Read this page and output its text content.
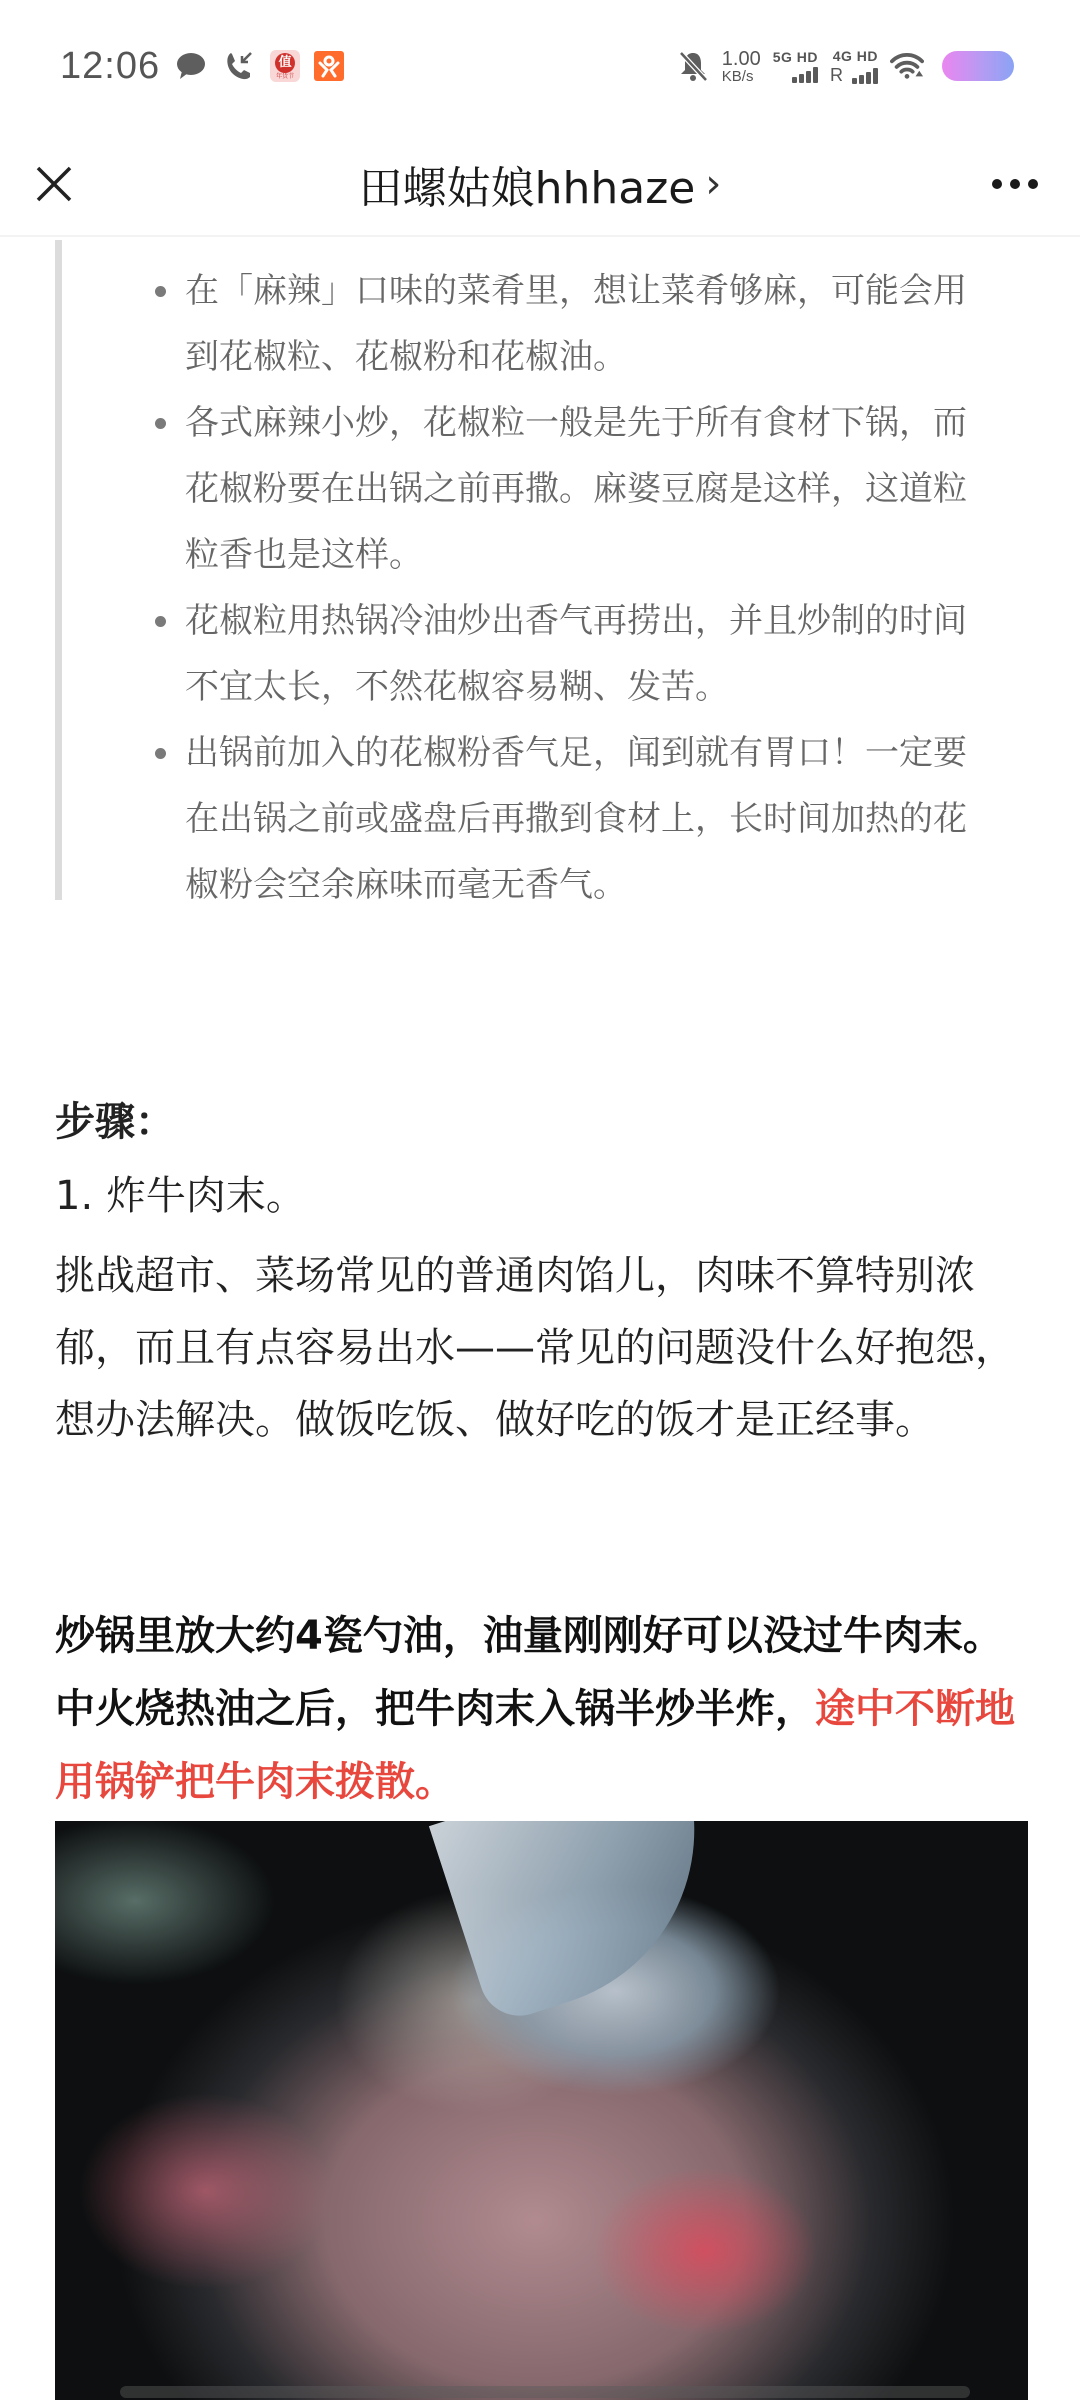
12:06	值
年货节
1.00
KB/s
5G HD 4G HD
R
田螺姑娘hhhaze ›
在「麻辣」口味的菜肴里，想让菜肴够麻，可能会用到花椒粒、花椒粉和花椒油。
各式麻辣小炒，花椒粒一般是先于所有食材下锅，而花椒粉要在出锅之前再撒。麻婆豆腐是这样，这道粒粒香也是这样。
花椒粒用热锅冷油炒出香气再捞出，并且炒制的时间不宜太长，不然花椒容易糊、发苦。
出锅前加入的花椒粉香气足，闻到就有胃口！一定要在出锅之前或盛盘后再撒到食材上，长时间加热的花椒粉会空余麻味而毫无香气。
步骤：
1. 炸牛肉末。
挑战超市、菜场常见的普通肉馅儿，肉味不算特别浓郁，而且有点容易出水——常见的问题没什么好抱怨，想办法解决。做饭吃饭、做好吃的饭才是正经事。
炒锅里放大约4瓷勺油，油量刚刚好可以没过牛肉末。中火烧热油之后，把牛肉末入锅半炒半炸，途中不断地用锅铲把牛肉末拨散。
